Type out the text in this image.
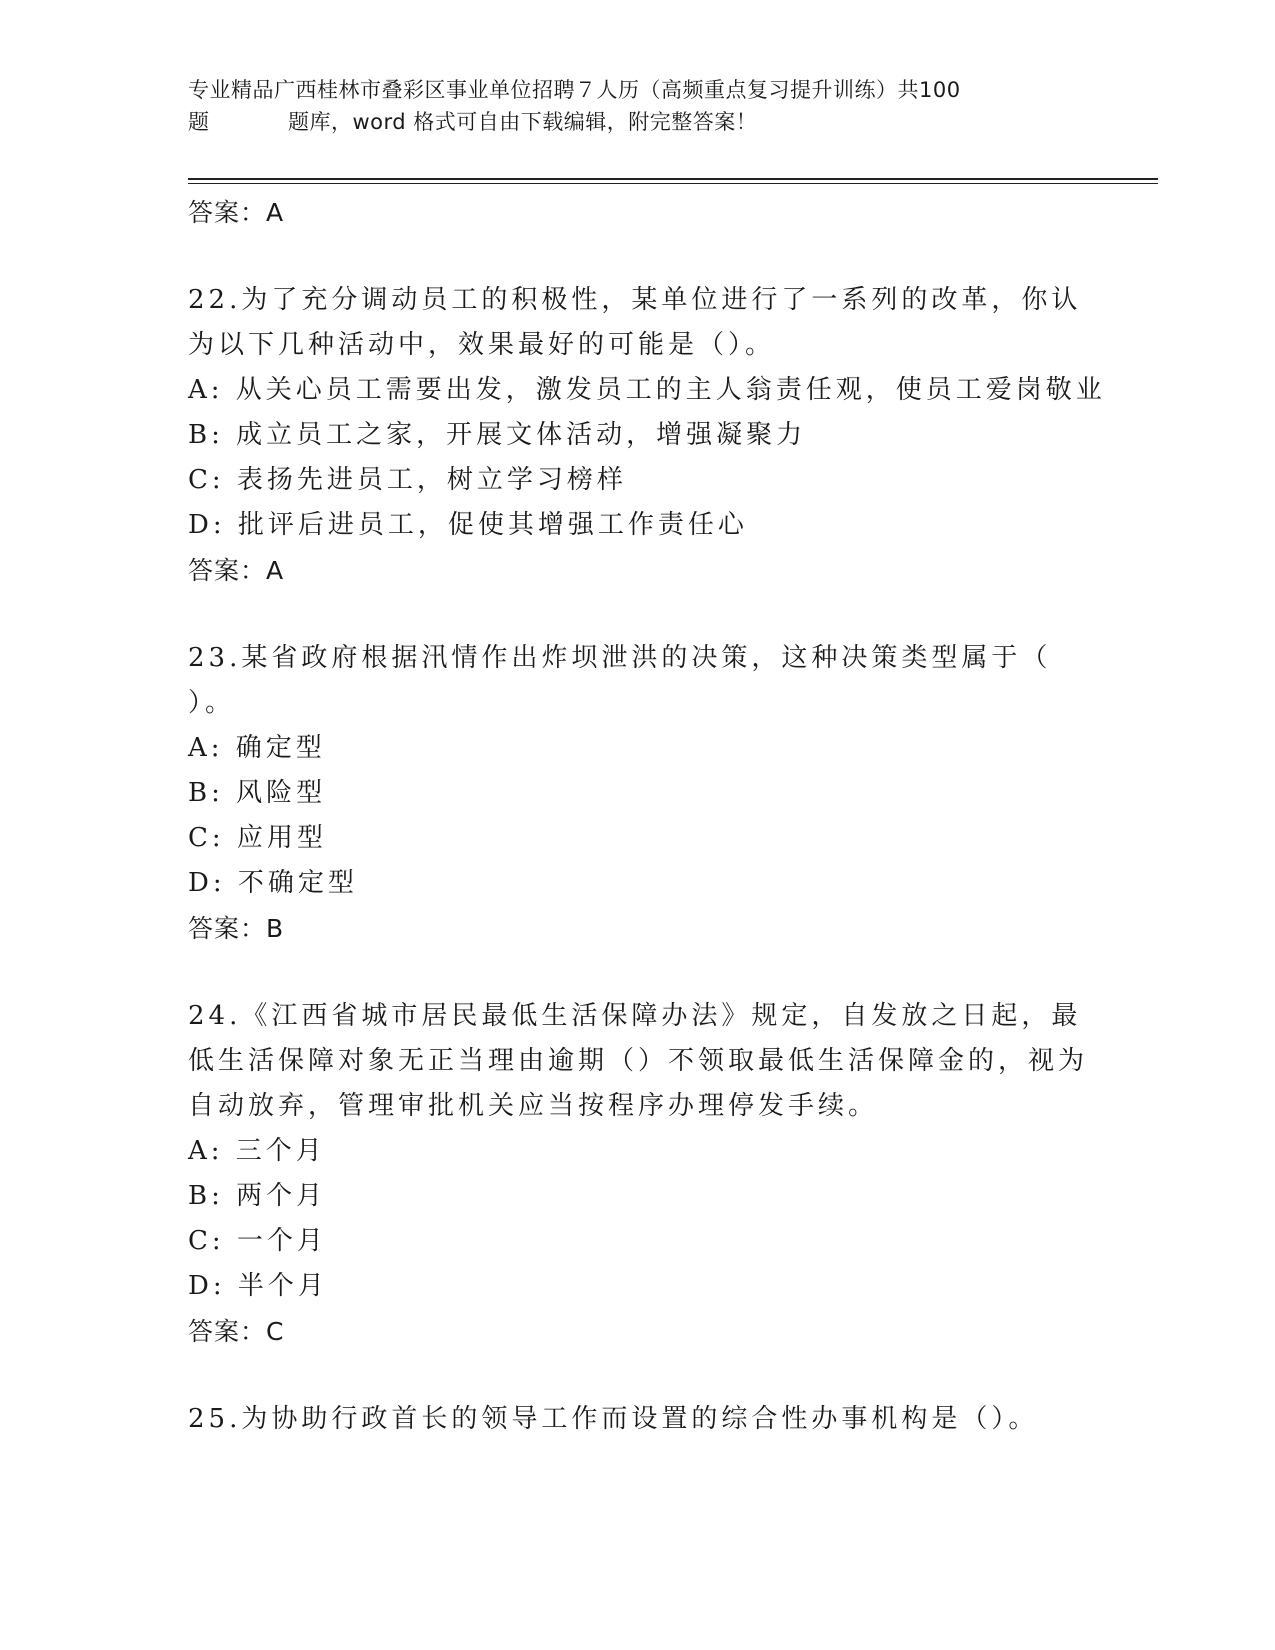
专业精品广西桂林市叠彩区事业单位招聘７人历（高频重点复习提升训练）共100
题	题库，word 格式可自由下载编辑，附完整答案！
答案：A

22.为了充分调动员工的积极性，某单位进行了一系列的改革，你认为以下几种活动中，效果最好的可能是（）。

A: 从关心员工需要出发，激发员工的主人翁责任观，使员工爱岗敬业
B: 成立员工之家，开展文体活动，增强凝聚力
C: 表扬先进员工，树立学习榜样
D: 批评后进员工，促使其增强工作责任心
答案：A

23.某省政府根据汛情作出炸坝泄洪的决策，这种决策类型属于（

）。

A: 确定型
B: 风险型
C: 应用型
D: 不确定型
答案：B

24.《江西省城市居民最低生活保障办法》规定，自发放之日起，最低生活保障对象无正当理由逾期（）不领取最低生活保障金的，视为自动放弃，管理审批机关应当按程序办理停发手续。

A: 三个月
B: 两个月
C: 一个月
D: 半个月
答案：C

25.为协助行政首长的领导工作而设置的综合性办事机构是（）。
